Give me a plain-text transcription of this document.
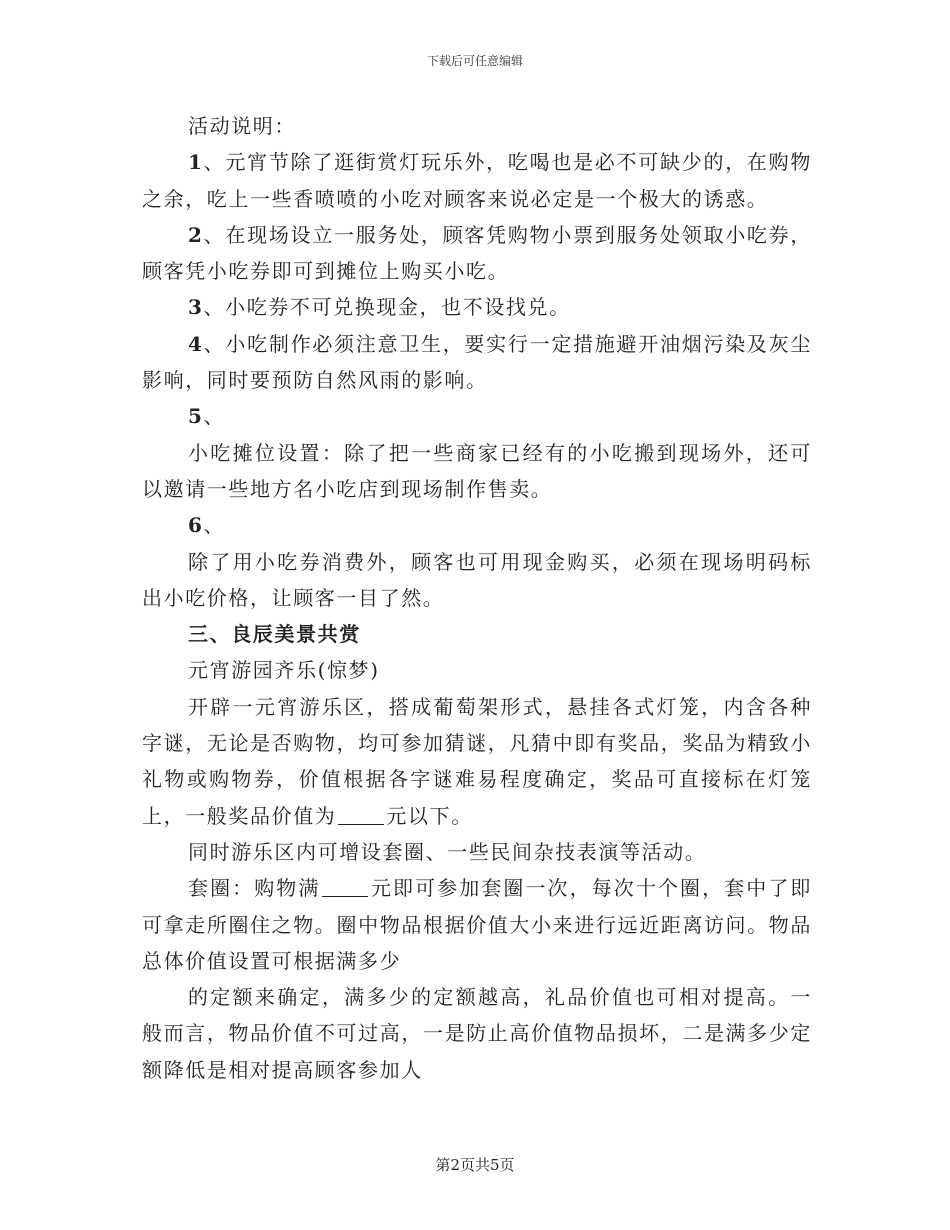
下载后可任意编辑

活动说明：

1、元宵节除了逛街赏灯玩乐外，吃喝也是必不可缺少的，在购物之余，吃上一些香喷喷的小吃对顾客来说必定是一个极大的诱惑。

2、在现场设立一服务处，顾客凭购物小票到服务处领取小吃券，顾客凭小吃券即可到摊位上购买小吃。

3、小吃券不可兑换现金，也不设找兑。

4、小吃制作必须注意卫生，要实行一定措施避开油烟污染及灰尘影响，同时要预防自然风雨的影响。

5、

小吃摊位设置：除了把一些商家已经有的小吃搬到现场外，还可以邀请一些地方名小吃店到现场制作售卖。

6、

除了用小吃券消费外，顾客也可用现金购买，必须在现场明码标出小吃价格，让顾客一目了然。

三、良辰美景共赏

元宵游园齐乐(惊梦)

开辟一元宵游乐区，搭成葡萄架形式，悬挂各式灯笼，内含各种字谜，无论是否购物，均可参加猜谜，凡猜中即有奖品，奖品为精致小礼物或购物券，价值根据各字谜难易程度确定，奖品可直接标在灯笼上，一般奖品价值为	元以下。

同时游乐区内可增设套圈、一些民间杂技表演等活动。

套圈：购物满	元即可参加套圈一次，每次十个圈，套中了即可拿走所圈住之物。圈中物品根据价值大小来进行远近距离访问。物品总体价值设置可根据满多少

的定额来确定，满多少的定额越高，礼品价值也可相对提高。一般而言，物品价值不可过高，一是防止高价值物品损坏，二是满多少定额降低是相对提高顾客参加人

第2页共5页
